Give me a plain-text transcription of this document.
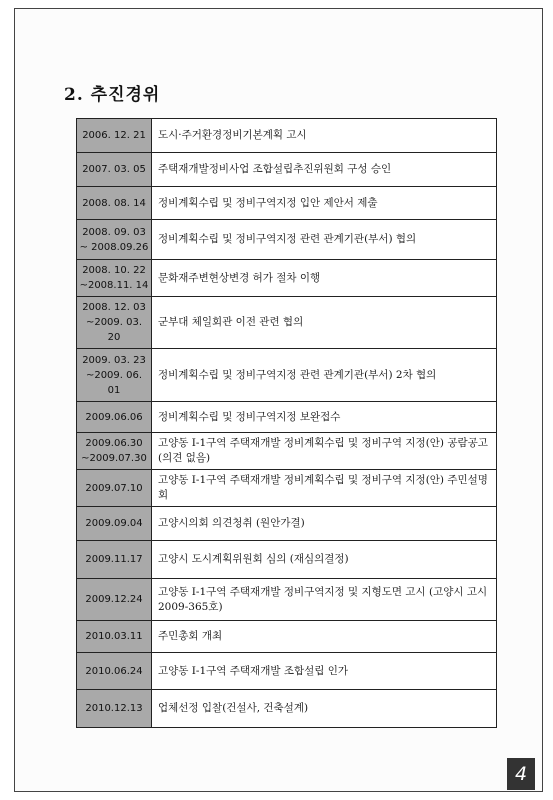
2. 추진경위
2006. 12. 21	도시·주거환경정비기본계획 고시
2007. 03. 05	주택재개발정비사업 조합설립추진위원회 구성 승인
2008. 08. 14	정비계획수립 및 정비구역지정 입안 제안서 제출
2008. 09. 03
~ 2008.09.26	정비계획수립 및 정비구역지정 관련 관계기관(부서) 협의
2008. 10. 22
~2008.11. 14	문화재주변현상변경 허가 절차 이행
2008. 12. 03
~2009. 03. 20	군부대 체일회관 이전 관련 협의
2009. 03. 23
~2009. 06. 01	정비계획수립 및 정비구역지정 관련 관계기관(부서) 2차 협의
2009.06.06	정비계획수립 및 정비구역지정 보완접수
2009.06.30
~2009.07.30	고양동 Ⅰ-1구역 주택재개발 정비계획수립 및 정비구역 지정(안) 공람공고 (의견 없음)
2009.07.10	고양동 Ⅰ-1구역 주택재개발 정비계획수립 및 정비구역 지정(안) 주민설명회
2009.09.04	고양시의회 의견청취 (원안가결)
2009.11.17	고양시 도시계획위원회 심의 (재심의결정)
2009.12.24	고양동 Ⅰ-1구역 주택재개발 정비구역지정 및 지형도면 고시 (고양시 고시 2009-365호)
2010.03.11	주민총회 개최
2010.06.24	고양동 Ⅰ-1구역 주택재개발 조합설립 인가
2010.12.13	업체선정 입찰(건설사, 건축설계)
4
